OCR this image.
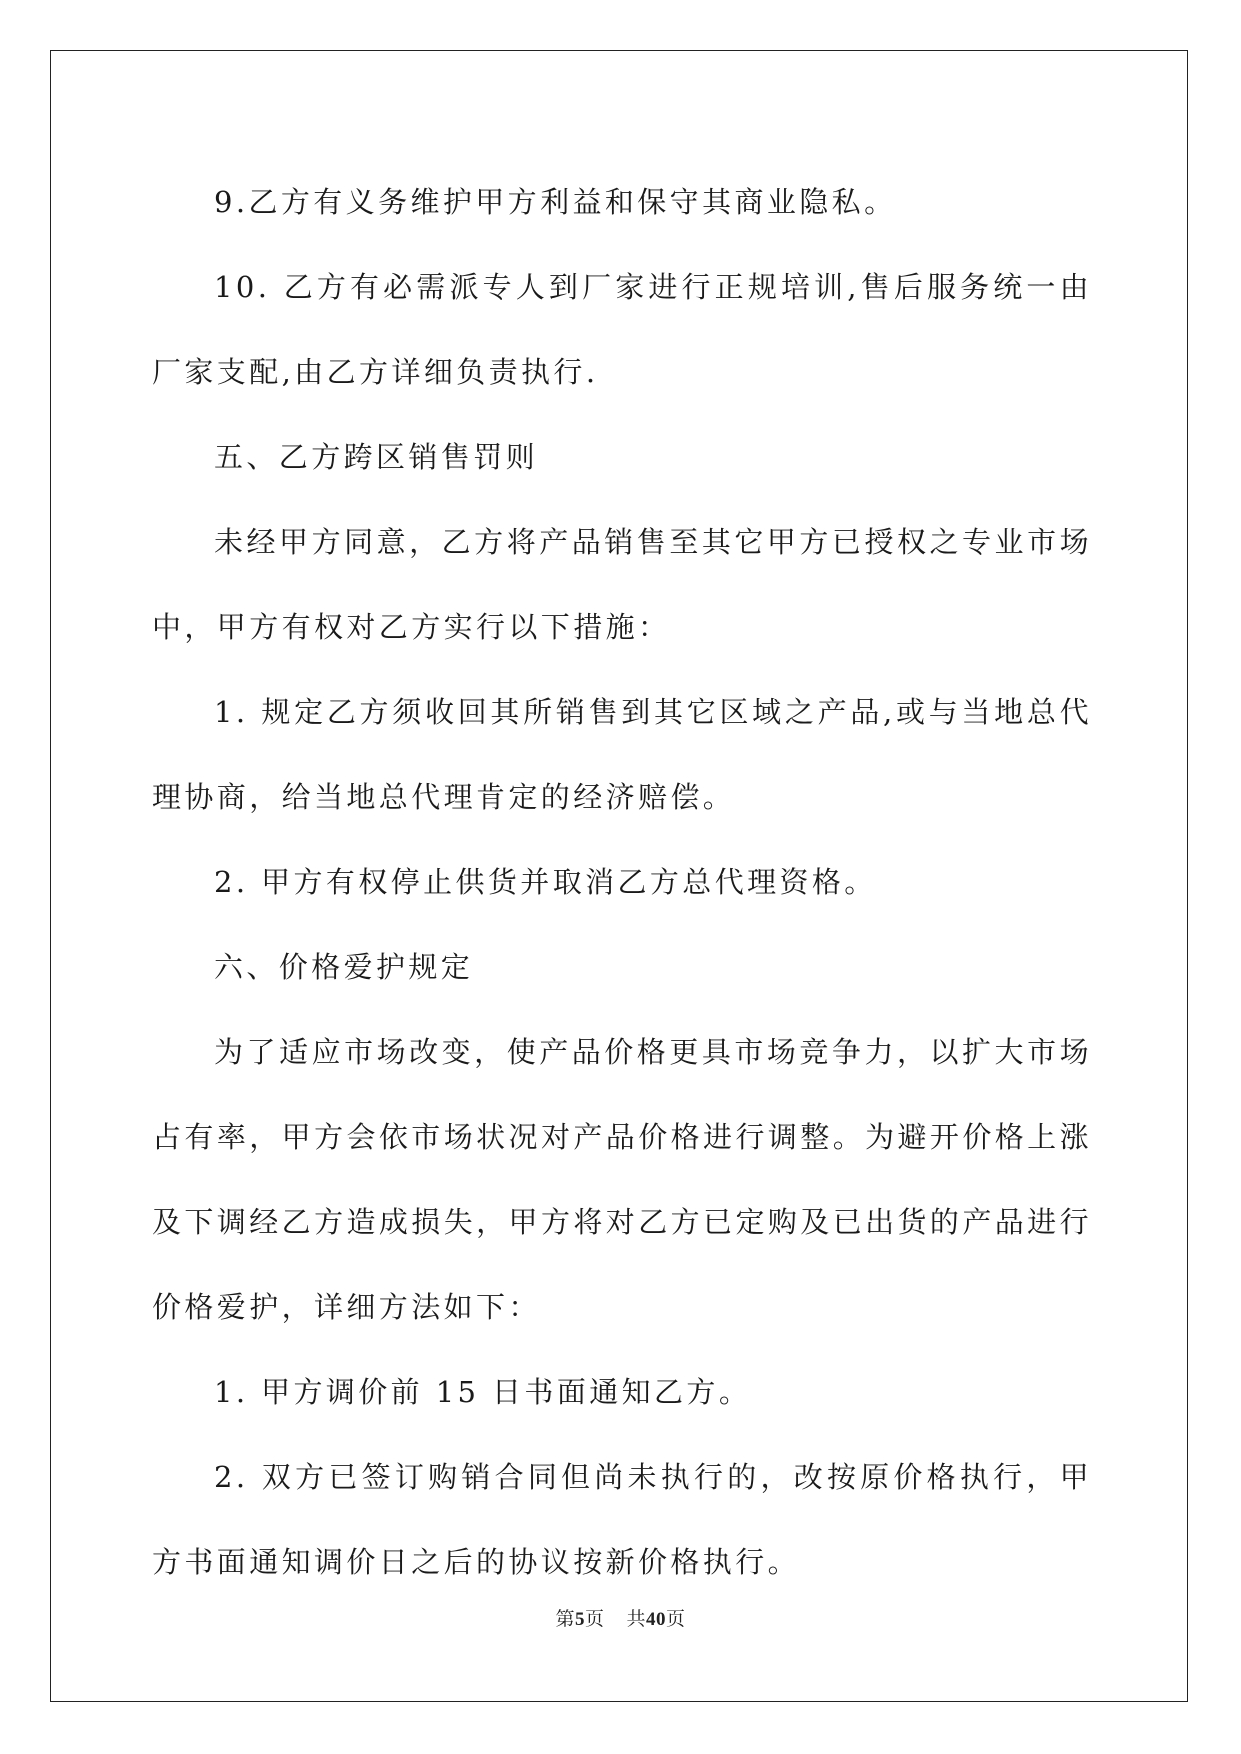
9.乙方有义务维护甲方利益和保守其商业隐私。

10. 乙方有必需派专人到厂家进行正规培训,售后服务统一由厂家支配,由乙方详细负责执行.

五、乙方跨区销售罚则

未经甲方同意，乙方将产品销售至其它甲方已授权之专业市场中，甲方有权对乙方实行以下措施：

1. 规定乙方须收回其所销售到其它区域之产品,或与当地总代理协商，给当地总代理肯定的经济赔偿。

2. 甲方有权停止供货并取消乙方总代理资格。

六、价格爱护规定

为了适应市场改变，使产品价格更具市场竞争力，以扩大市场占有率，甲方会依市场状况对产品价格进行调整。为避开价格上涨及下调经乙方造成损失，甲方将对乙方已定购及已出货的产品进行价格爱护，详细方法如下：

1. 甲方调价前 15 日书面通知乙方。

2. 双方已签订购销合同但尚未执行的，改按原价格执行，甲方书面通知调价日之后的协议按新价格执行。

第5页 共40页
